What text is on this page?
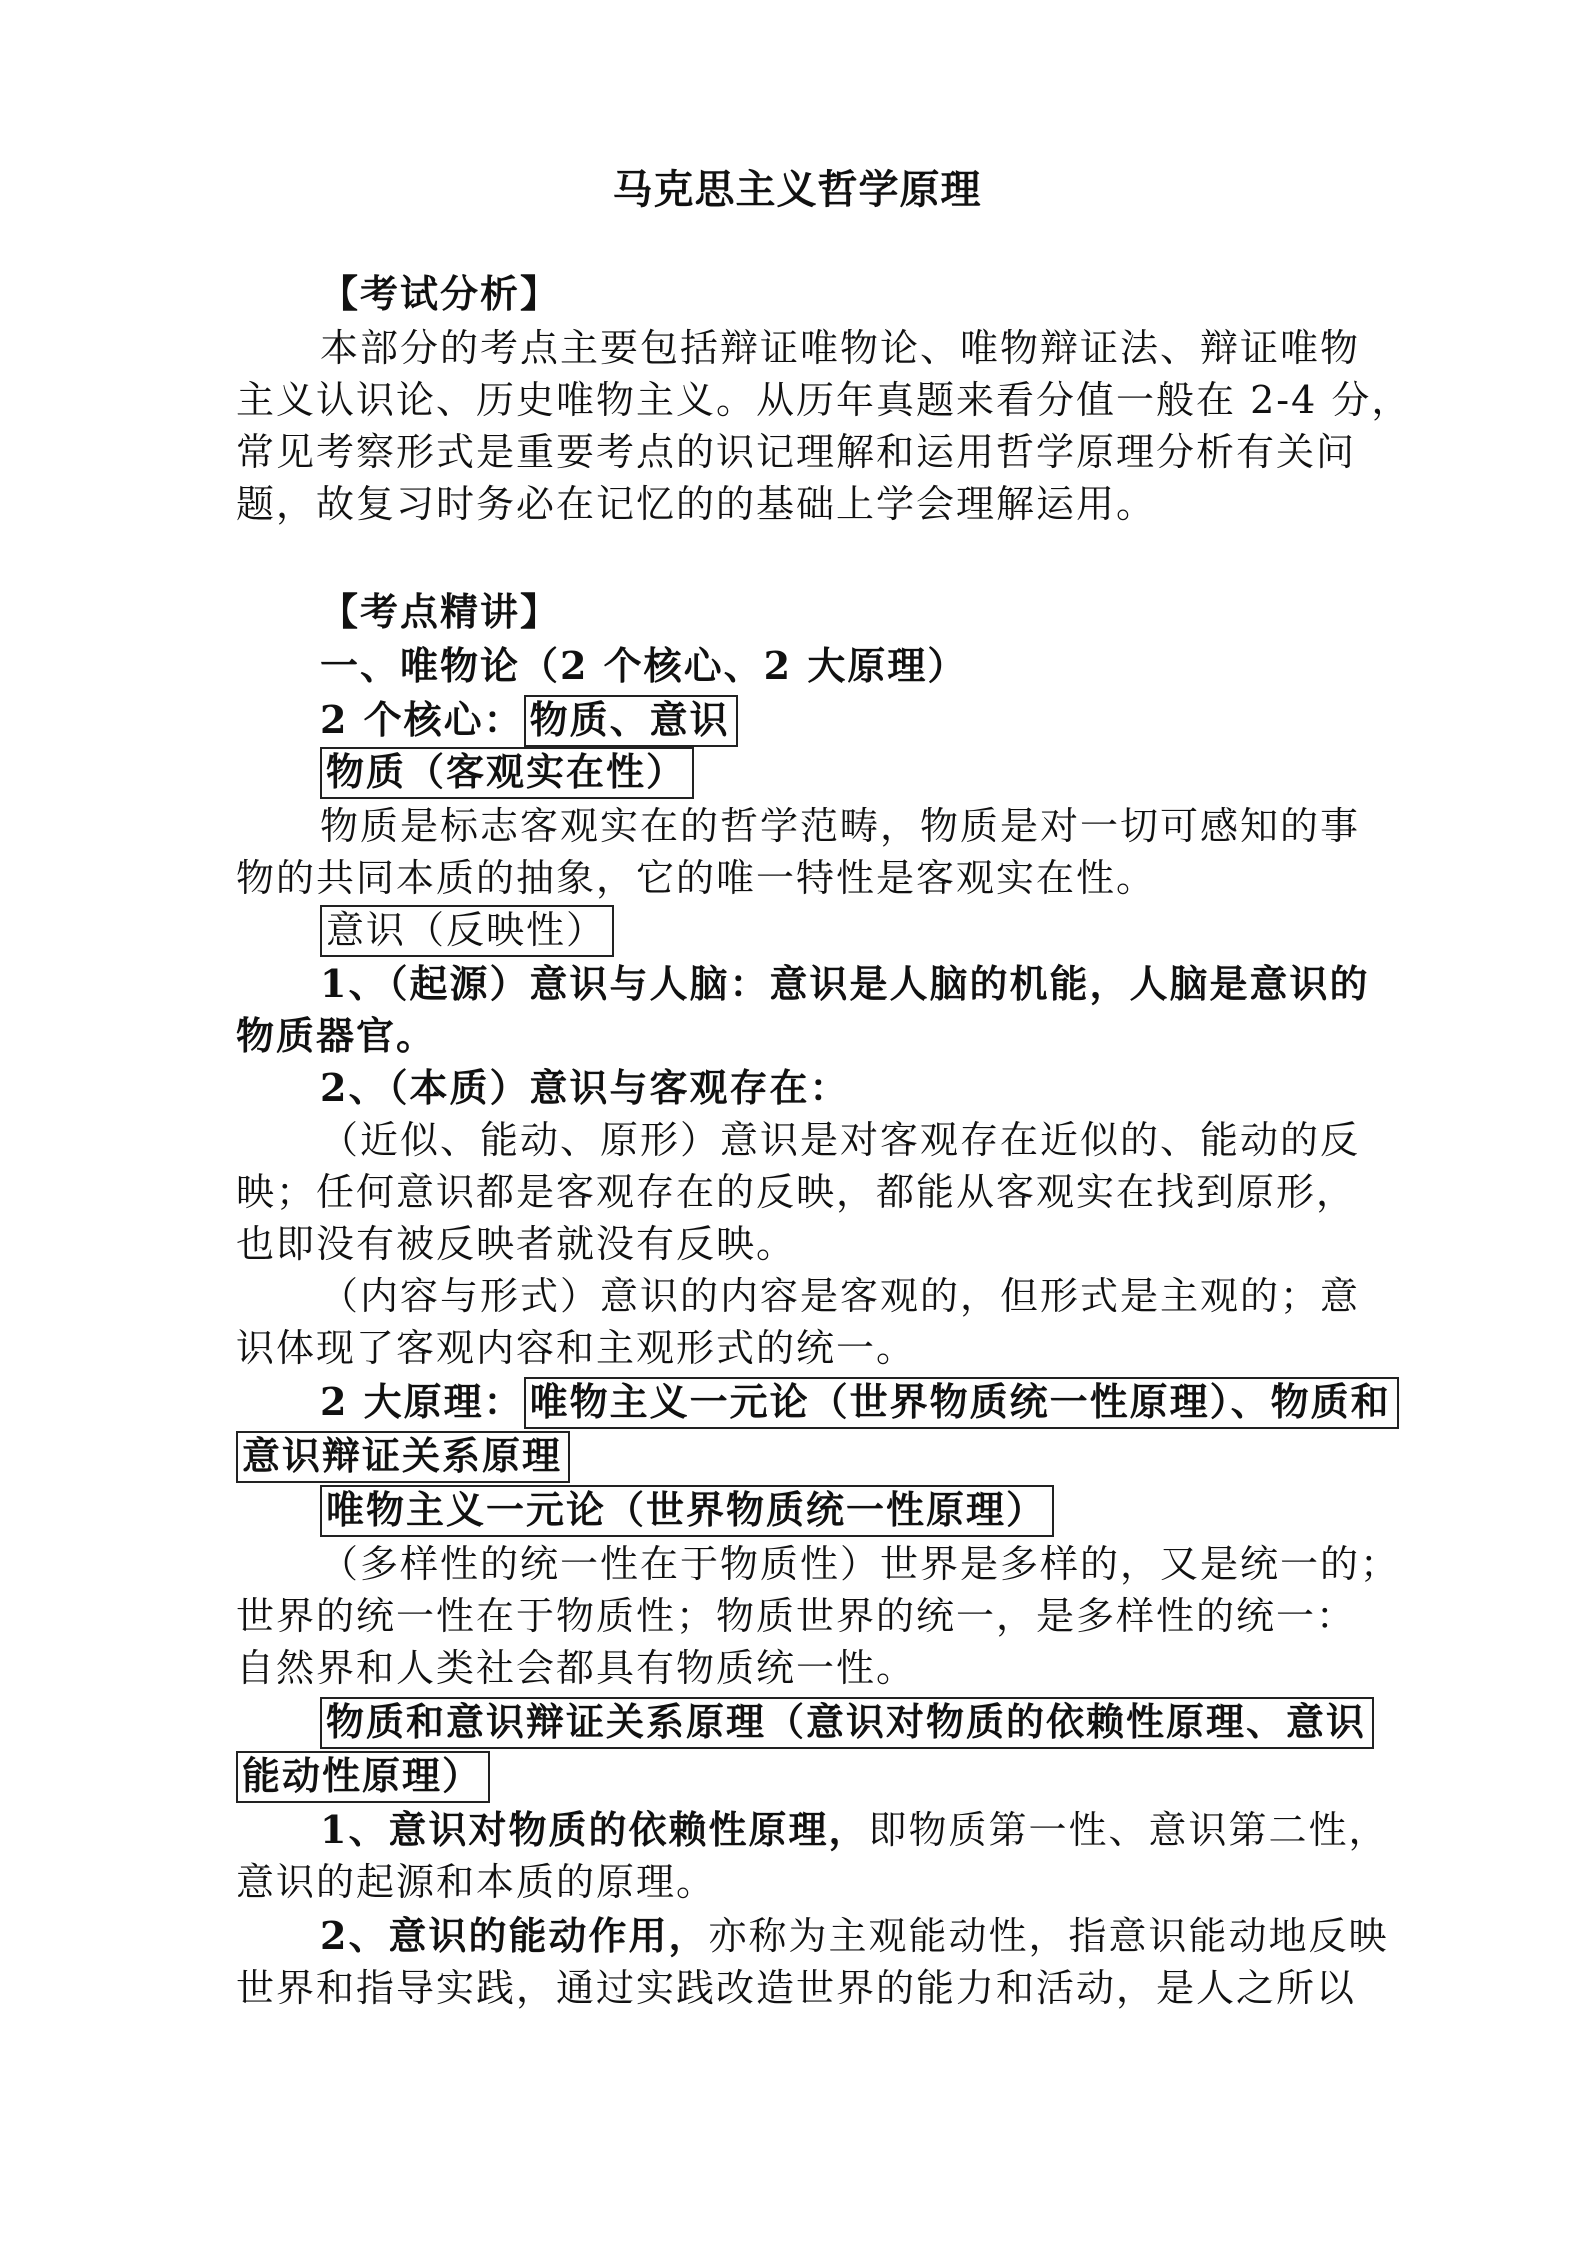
马克思主义哲学原理
【考试分析】
本部分的考点主要包括辩证唯物论、唯物辩证法、辩证唯物
主义认识论、历史唯物主义。从历年真题来看分值一般在 2-4 分，
常见考察形式是重要考点的识记理解和运用哲学原理分析有关问
题，故复习时务必在记忆的的基础上学会理解运用。
【考点精讲】
一、唯物论（2 个核心、2 大原理）
2 个核心： 物质、意识
物质（客观实在性）
物质是标志客观实在的哲学范畴，物质是对一切可感知的事
物的共同本质的抽象，它的唯一特性是客观实在性。
意识（反映性）
1、（起源）意识与人脑：意识是人脑的机能，人脑是意识的
物质器官。
2、（本质）意识与客观存在：
（近似、能动、原形）意识是对客观存在近似的、能动的反
映；任何意识都是客观存在的反映，都能从客观实在找到原形，
也即没有被反映者就没有反映。
（内容与形式）意识的内容是客观的，但形式是主观的；意
识体现了客观内容和主观形式的统一。
2 大原理： 唯物主义一元论（世界物质统一性原理）、物质和
意识辩证关系原理
唯物主义一元论（世界物质统一性原理）
（多样性的统一性在于物质性）世界是多样的，又是统一的；
世界的统一性在于物质性；物质世界的统一，是多样性的统一：
自然界和人类社会都具有物质统一性。
物质和意识辩证关系原理（意识对物质的依赖性原理、意识
能动性原理）
1、意识对物质的依赖性原理，即物质第一性、意识第二性，
意识的起源和本质的原理。
2、意识的能动作用，亦称为主观能动性，指意识能动地反映
世界和指导实践，通过实践改造世界的能力和活动，是人之所以
